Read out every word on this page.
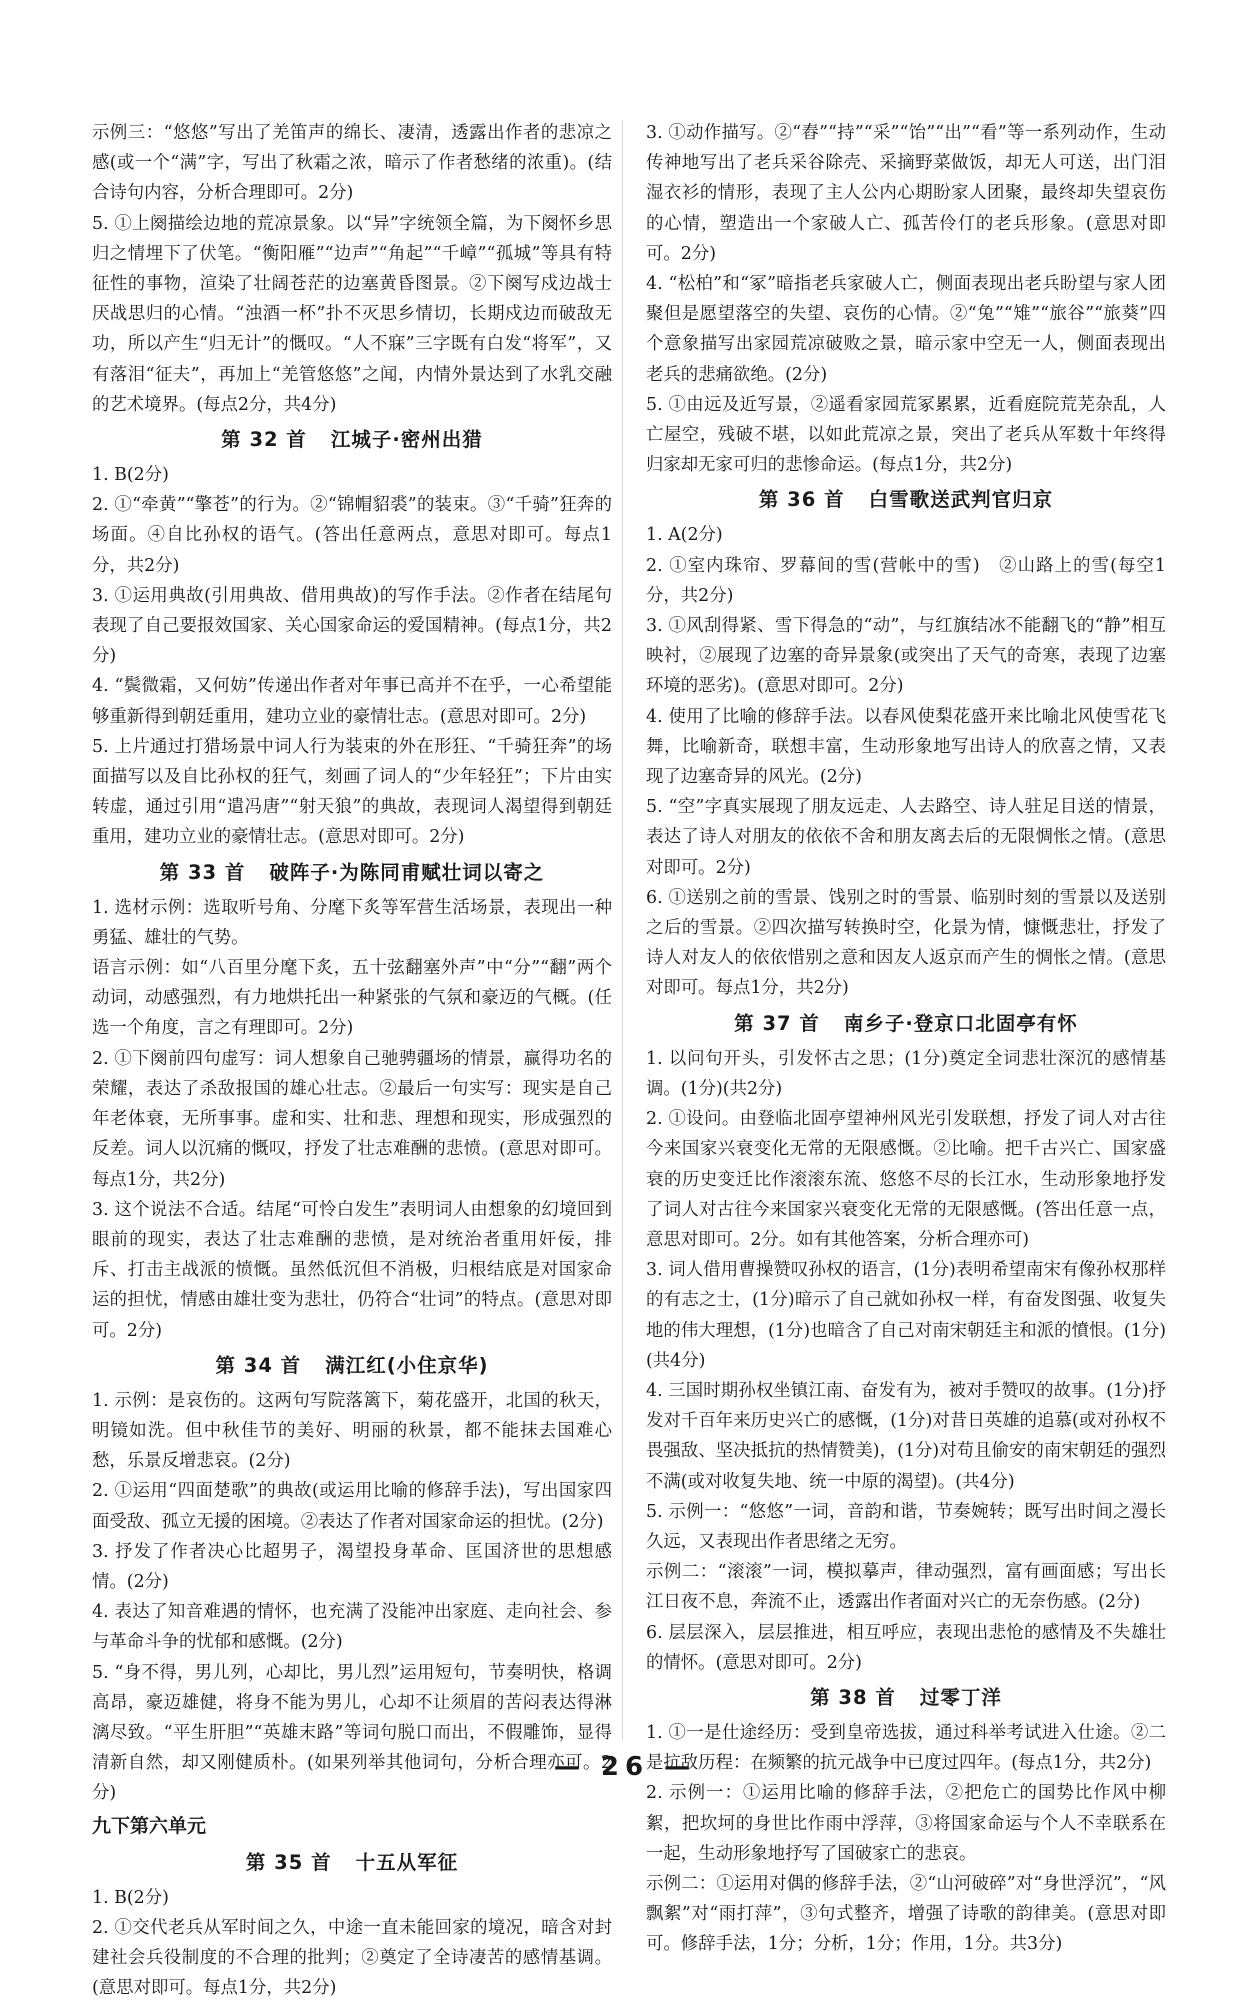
示例三：“悠悠”写出了羌笛声的绵长、凄清，透露出作者的悲凉之感(或一个“满”字，写出了秋霜之浓，暗示了作者愁绪的浓重)。(结合诗句内容，分析合理即可。2分)

5. ①上阕描绘边地的荒凉景象。以“异”字统领全篇，为下阕怀乡思归之情埋下了伏笔。“衡阳雁”“边声”“角起”“千嶂”“孤城”等具有特征性的事物，渲染了壮阔苍茫的边塞黄昏图景。②下阕写戍边战士厌战思归的心情。“浊酒一杯”扑不灭思乡情切，长期戍边而破敌无功，所以产生“归无计”的慨叹。“人不寐”三字既有白发“将军”，又有落泪“征夫”，再加上“羌管悠悠”之闻，内情外景达到了水乳交融的艺术境界。(每点2分，共4分)

第 32 首 江城子·密州出猎

1. B(2分)

2. ①“牵黄”“擎苍”的行为。②“锦帽貂裘”的装束。③“千骑”狂奔的场面。④自比孙权的语气。(答出任意两点，意思对即可。每点1分，共2分)

3. ①运用典故(引用典故、借用典故)的写作手法。②作者在结尾句表现了自己要报效国家、关心国家命运的爱国精神。(每点1分，共2分)

4. “鬓微霜，又何妨”传递出作者对年事已高并不在乎，一心希望能够重新得到朝廷重用，建功立业的豪情壮志。(意思对即可。2分)

5. 上片通过打猎场景中词人行为装束的外在形狂、“千骑狂奔”的场面描写以及自比孙权的狂气，刻画了词人的“少年轻狂”；下片由实转虚，通过引用“遣冯唐”“射天狼”的典故，表现词人渴望得到朝廷重用，建功立业的豪情壮志。(意思对即可。2分)

第 33 首 破阵子·为陈同甫赋壮词以寄之

1. 选材示例：选取听号角、分麾下炙等军营生活场景，表现出一种勇猛、雄壮的气势。

语言示例：如“八百里分麾下炙，五十弦翻塞外声”中“分”“翻”两个动词，动感强烈，有力地烘托出一种紧张的气氛和豪迈的气概。(任选一个角度，言之有理即可。2分)

2. ①下阕前四句虚写：词人想象自己驰骋疆场的情景，赢得功名的荣耀，表达了杀敌报国的雄心壮志。②最后一句实写：现实是自己年老体衰，无所事事。虚和实、壮和悲、理想和现实，形成强烈的反差。词人以沉痛的慨叹，抒发了壮志难酬的悲愤。(意思对即可。每点1分，共2分)

3. 这个说法不合适。结尾“可怜白发生”表明词人由想象的幻境回到眼前的现实，表达了壮志难酬的悲愤，是对统治者重用奸佞，排斥、打击主战派的愤慨。虽然低沉但不消极，归根结底是对国家命运的担忧，情感由雄壮变为悲壮，仍符合“壮词”的特点。(意思对即可。2分)

第 34 首 满江红(小住京华)

1. 示例：是哀伤的。这两句写院落篱下，菊花盛开，北国的秋天，明镜如洗。但中秋佳节的美好、明丽的秋景，都不能抹去国难心愁，乐景反增悲哀。(2分)

2. ①运用“四面楚歌”的典故(或运用比喻的修辞手法)，写出国家四面受敌、孤立无援的困境。②表达了作者对国家命运的担忧。(2分)

3. 抒发了作者决心比超男子，渴望投身革命、匡国济世的思想感情。(2分)

4. 表达了知音难遇的情怀，也充满了没能冲出家庭、走向社会、参与革命斗争的忧郁和感慨。(2分)

5. “身不得，男儿列，心却比，男儿烈”运用短句，节奏明快，格调高昂，豪迈雄健，将身不能为男儿，心却不让须眉的苦闷表达得淋漓尽致。“平生肝胆”“英雄末路”等词句脱口而出，不假雕饰，显得清新自然，却又刚健质朴。(如果列举其他词句，分析合理亦可。2分)

九下第六单元
第 35 首 十五从军征

1. B(2分)

2. ①交代老兵从军时间之久，中途一直未能回家的境况，暗含对封建社会兵役制度的不合理的批判；②奠定了全诗凄苦的感情基调。(意思对即可。每点1分，共2分)

3. ①动作描写。②“舂”“持”“采”“饴”“出”“看”等一系列动作，生动传神地写出了老兵采谷除壳、采摘野菜做饭，却无人可送，出门泪湿衣衫的情形，表现了主人公内心期盼家人团聚，最终却失望哀伤的心情，塑造出一个家破人亡、孤苦伶仃的老兵形象。(意思对即可。2分)

4. “松柏”和“冢”暗指老兵家破人亡，侧面表现出老兵盼望与家人团聚但是愿望落空的失望、哀伤的心情。②“兔”“雉”“旅谷”“旅葵”四个意象描写出家园荒凉破败之景，暗示家中空无一人，侧面表现出老兵的悲痛欲绝。(2分)

5. ①由远及近写景，②遥看家园荒冢累累，近看庭院荒芜杂乱，人亡屋空，残破不堪，以如此荒凉之景，突出了老兵从军数十年终得归家却无家可归的悲惨命运。(每点1分，共2分)

第 36 首 白雪歌送武判官归京

1. A(2分)

2. ①室内珠帘、罗幕间的雪(营帐中的雪)　②山路上的雪(每空1分，共2分)

3. ①风刮得紧、雪下得急的“动”，与红旗结冰不能翻飞的“静”相互映衬，②展现了边塞的奇异景象(或突出了天气的奇寒，表现了边塞环境的恶劣)。(意思对即可。2分)

4. 使用了比喻的修辞手法。以春风使梨花盛开来比喻北风使雪花飞舞，比喻新奇，联想丰富，生动形象地写出诗人的欣喜之情，又表现了边塞奇异的风光。(2分)

5. “空”字真实展现了朋友远走、人去路空、诗人驻足目送的情景，表达了诗人对朋友的依依不舍和朋友离去后的无限惆怅之情。(意思对即可。2分)

6. ①送别之前的雪景、饯别之时的雪景、临别时刻的雪景以及送别之后的雪景。②四次描写转换时空，化景为情，慷慨悲壮，抒发了诗人对友人的依依惜别之意和因友人返京而产生的惆怅之情。(意思对即可。每点1分，共2分)

第 37 首 南乡子·登京口北固亭有怀

1. 以问句开头，引发怀古之思；(1分)奠定全词悲壮深沉的感情基调。(1分)(共2分)

2. ①设问。由登临北固亭望神州风光引发联想，抒发了词人对古往今来国家兴衰变化无常的无限感慨。②比喻。把千古兴亡、国家盛衰的历史变迁比作滚滚东流、悠悠不尽的长江水，生动形象地抒发了词人对古往今来国家兴衰变化无常的无限感慨。(答出任意一点，意思对即可。2分。如有其他答案，分析合理亦可)

3. 词人借用曹操赞叹孙权的语言，(1分)表明希望南宋有像孙权那样的有志之士，(1分)暗示了自己就如孙权一样，有奋发图强、收复失地的伟大理想，(1分)也暗含了自己对南宋朝廷主和派的憤恨。(1分)(共4分)

4. 三国时期孙权坐镇江南、奋发有为，被对手赞叹的故事。(1分)抒发对千百年来历史兴亡的感慨，(1分)对昔日英雄的追慕(或对孙权不畏强敌、坚决抵抗的热情赞美)，(1分)对苟且偷安的南宋朝廷的强烈不满(或对收复失地、统一中原的渴望)。(共4分)

5. 示例一：“悠悠”一词，音韵和谐，节奏婉转；既写出时间之漫长久远，又表现出作者思绪之无穷。

示例二：“滚滚”一词，模拟摹声，律动强烈，富有画面感；写出长江日夜不息，奔流不止，透露出作者面对兴亡的无奈伤感。(2分)

6. 层层深入，层层推进，相互呼应，表现出悲怆的感情及不失雄壮的情怀。(意思对即可。2分)

第 38 首 过零丁洋

1. ①一是仕途经历：受到皇帝选拔，通过科举考试进入仕途。②二是抗敌历程：在频繁的抗元战争中已度过四年。(每点1分，共2分)

2. 示例一：①运用比喻的修辞手法，②把危亡的国势比作风中柳絮，把坎坷的身世比作雨中浮萍，③将国家命运与个人不幸联系在一起，生动形象地抒写了国破家亡的悲哀。

示例二：①运用对偶的修辞手法，②“山河破碎”对“身世浮沉”，“风飘絮”对“雨打萍”，③句式整齐，增强了诗歌的韵律美。(意思对即可。修辞手法，1分；分析，1分；作用，1分。共3分)

— 26 —
